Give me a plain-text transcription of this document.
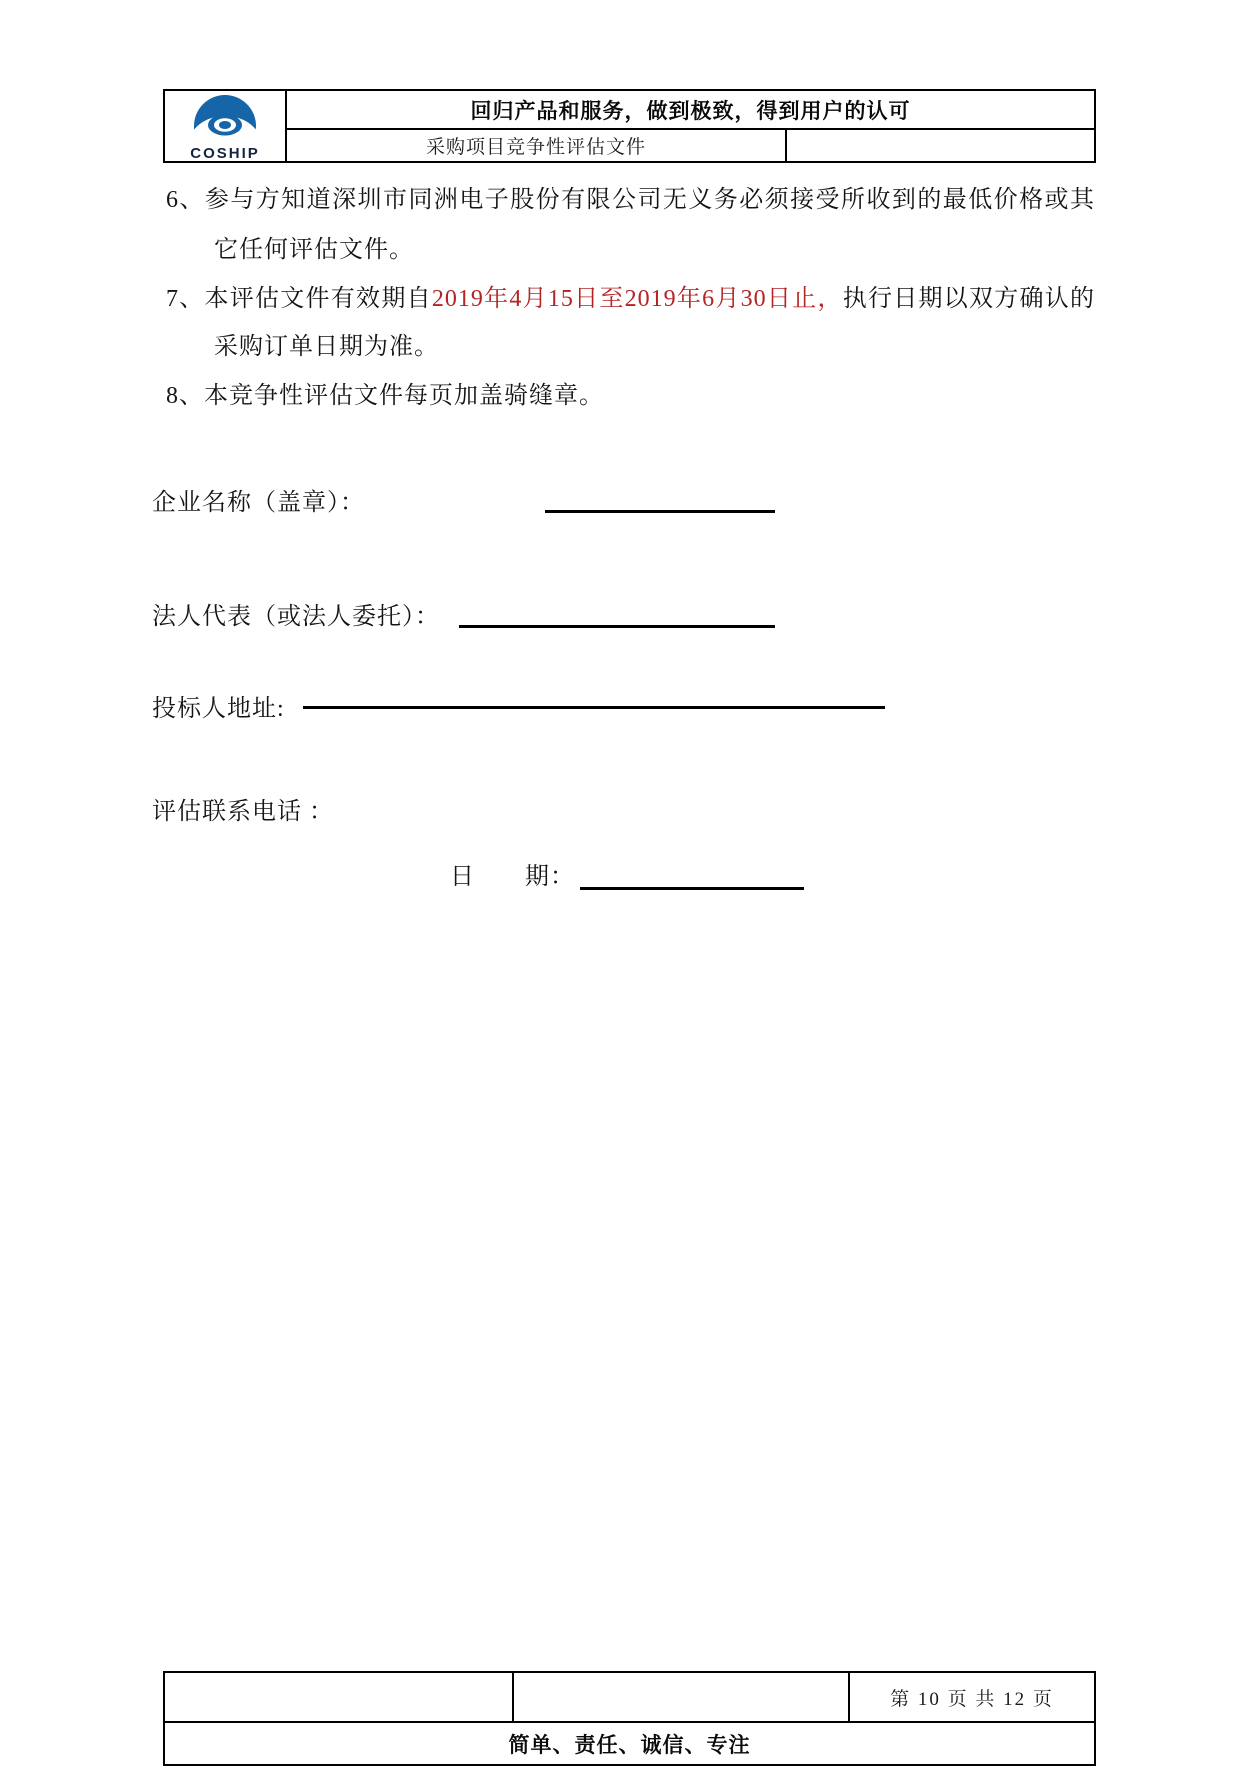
COSHIP
回归产品和服务，做到极致，得到用户的认可
采购项目竞争性评估文件
6、参与方知道深圳市同洲电子股份有限公司无义务必须接受所收到的最低价格或其
它任何评估文件。
7、本评估文件有效期自2019年4月15日至2019年6月30日止，执行日期以双方确认的
采购订单日期为准。
8、本竞争性评估文件每页加盖骑缝章。
企业名称（盖章）：
法人代表（或法人委托）：
投标人地址:
评估联系电话 ：
日　　期：
第 10 页 共 12 页
简单、责任、诚信、专注
